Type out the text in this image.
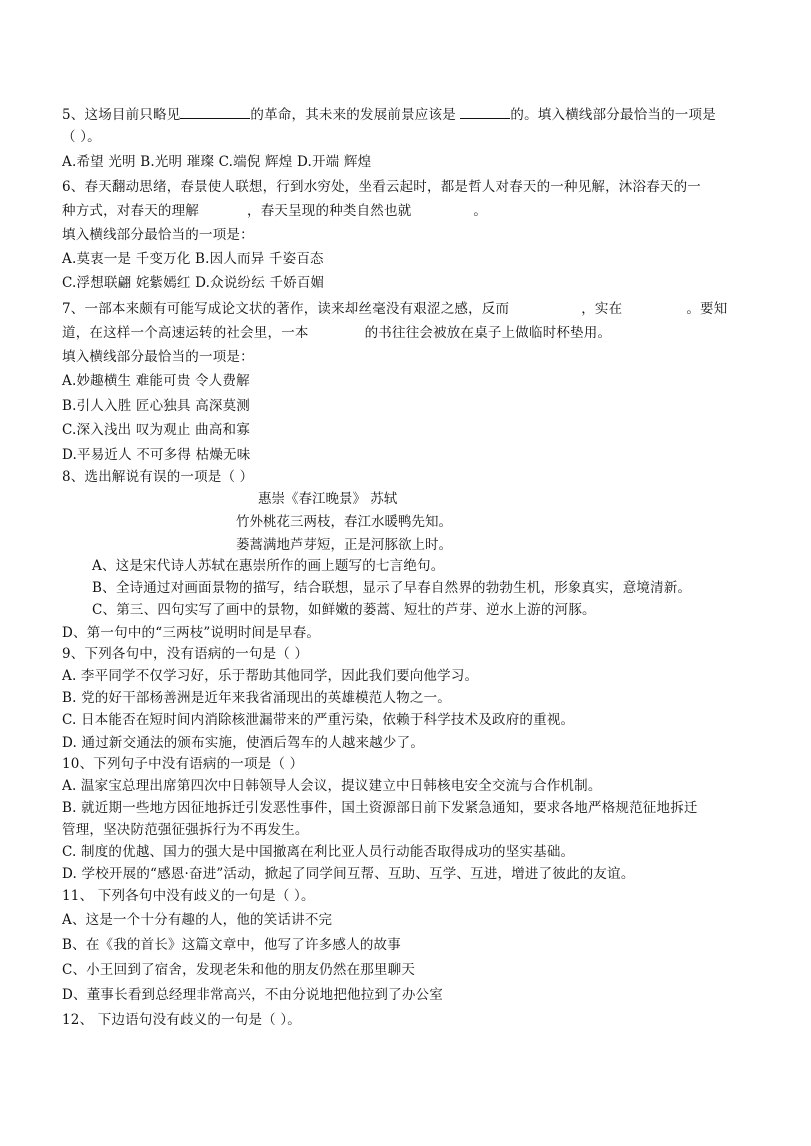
5、这场目前只略见	的革命，其未来的发展前景应该是	的。填入横线部分最恰当的一项是
（ ）。
A.希望 光明 B.光明 璀璨 C.端倪 辉煌 D.开端 辉煌
6、春天翻动思绪，春景使人联想，行到水穷处，坐看云起时，都是哲人对春天的一种见解，沐浴春天的一
种方式，对春天的理解	，春天呈现的种类自然也就	。
填入横线部分最恰当的一项是：
A.莫衷一是 千变万化 B.因人而异 千姿百态
C.浮想联翩 姹紫嫣红 D.众说纷纭 千娇百媚
7、一部本来颇有可能写成论文状的著作，读来却丝毫没有艰涩之感，反而	，实在	。要知
道，在这样一个高速运转的社会里，一本	的书往往会被放在桌子上做临时杯垫用。
填入横线部分最恰当的一项是：
A.妙趣横生 难能可贵 令人费解
B.引人入胜 匠心独具 高深莫测
C.深入浅出 叹为观止 曲高和寡
D.平易近人 不可多得 枯燥无味
8、选出解说有误的一项是（ ）
惠崇《春江晚景》 苏轼
竹外桃花三两枝，春江水暖鸭先知。
蒌蒿满地芦芽短，正是河豚欲上时。
A、这是宋代诗人苏轼在惠崇所作的画上题写的七言绝句。
B、全诗通过对画面景物的描写，结合联想，显示了早春自然界的勃勃生机，形象真实，意境清新。
C、第三、四句实写了画中的景物，如鲜嫩的蒌蒿、短壮的芦芽、逆水上游的河豚。
D、第一句中的“三两枝”说明时间是早春。
9、下列各句中，没有语病的一句是（ ）
A. 李平同学不仅学习好，乐于帮助其他同学，因此我们要向他学习。
B. 党的好干部杨善洲是近年来我省涌现出的英雄模范人物之一。
C. 日本能否在短时间内消除核泄漏带来的严重污染，依赖于科学技术及政府的重视。
D. 通过新交通法的颁布实施，使酒后驾车的人越来越少了。
10、下列句子中没有语病的一项是（ ）
A. 温家宝总理出席第四次中日韩领导人会议，提议建立中日韩核电安全交流与合作机制。
B. 就近期一些地方因征地拆迁引发恶性事件，国土资源部日前下发紧急通知，要求各地严格规范征地拆迁
管理，坚决防范强征强拆行为不再发生。
C. 制度的优越、国力的强大是中国撤离在利比亚人员行动能否取得成功的坚实基础。
D. 学校开展的“感恩·奋进”活动，掀起了同学间互帮、互助、互学、互进，增进了彼此的友谊。
11、 下列各句中没有歧义的一句是（ ）。
A、这是一个十分有趣的人，他的笑话讲不完
B、在《我的首长》这篇文章中，他写了许多感人的故事
C、小王回到了宿舍，发现老朱和他的朋友仍然在那里聊天
D、董事长看到总经理非常高兴，不由分说地把他拉到了办公室
12、 下边语句没有歧义的一句是（ ）。
